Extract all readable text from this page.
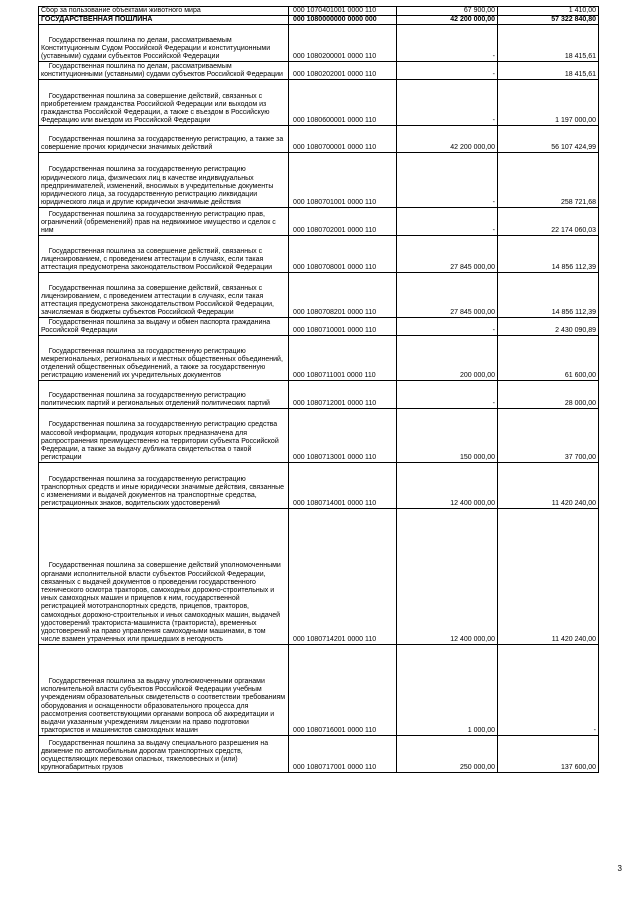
Сбор за пользование объектами животного мира	000 1070401001 0000 110	67 900,00	1 410,00
ГОСУДАРСТВЕННАЯ ПОШЛИНА	000 1080000000 0000 000	42 200 000,00	57 322 840,80
Государственная пошлина по делам, рассматриваемым Конституционным Судом Российской Федерации и конституционными (уставными) судами субъектов Российской Федерации	000 1080200001 0000 110	-	18 415,61
Государственная пошлина по делам, рассматриваемым конституционными (уставными) судами субъектов Российской Федерации	000 1080202001 0000 110	-	18 415,61
Государственная пошлина за совершение действий, связанных с приобретением гражданства Российской Федерации или выходом из гражданства Российской Федерации, а также с въездом в Российскую Федерацию или выездом из Российской Федерации	000 1080600001 0000 110	-	1 197 000,00
Государственная пошлина за государственную регистрацию, а также за совершение прочих юридически значимых действий	000 1080700001 0000 110	42 200 000,00	56 107 424,99
Государственная пошлина за государственную регистрацию юридического лица, физических лиц в качестве индивидуальных предпринимателей, изменений, вносимых в учредительные документы юридического лица, за государственную регистрацию ликвидации юридического лица и другие юридически значимые действия	000 1080701001 0000 110	-	258 721,68
Государственная пошлина за государственную регистрацию прав, ограничений (обременений) прав на недвижимое имущество и сделок с ним	000 1080702001 0000 110	-	22 174 060,03
Государственная пошлина за совершение действий, связанных с лицензированием, с проведением аттестации в случаях, если такая аттестация предусмотрена законодательством Российской Федерации	000 1080708001 0000 110	27 845 000,00	14 856 112,39
Государственная пошлина за совершение действий, связанных с лицензированием, с проведением аттестации в случаях, если такая аттестация предусмотрена законодательством Российской Федерации, зачисляемая в бюджеты субъектов Российской Федерации	000 1080708201 0000 110	27 845 000,00	14 856 112,39
Государственная пошлина за выдачу и обмен паспорта гражданина Российской Федерации	000 1080710001 0000 110	-	2 430 090,89
Государственная пошлина за государственную регистрацию межрегиональных, региональных и местных общественных объединений, отделений общественных объединений, а также за государственную регистрацию изменений их учредительных документов	000 1080711001 0000 110	200 000,00	61 600,00
Государственная пошлина за государственную регистрацию политических партий и региональных отделений политических партий	000 1080712001 0000 110	-	28 000,00

Государственная пошлина за государственную регистрацию средства массовой информации, продукция которых предназначена для распространения преимущественно на территории субъекта Российской Федерации, а также за выдачу дубликата свидетельства о такой регистрации	000 1080713001 0000 110	150 000,00	37 700,00
Государственная пошлина за государственную регистрацию транспортных средств и иные юридически значимые действия, связанные с изменениями и выдачей документов на транспортные средства, регистрационных знаков, водительских удостоверений	000 1080714001 0000 110	12 400 000,00	11 420 240,00

Государственная пошлина за совершение действий уполномоченными органами исполнительной власти субъектов Российской Федерации, связанных с выдачей документов о проведении государственного технического осмотра тракторов, самоходных дорожно-строительных и иных самоходных машин и прицепов к ним, государственной регистрацией мототранспортных средств, прицепов, тракторов, самоходных дорожно-строительных и иных самоходных машин, выдачей удостоверений тракториста-машиниста (тракториста), временных удостоверений на право управления самоходными машинами, в том числе взамен утраченных или пришедших в негодность	000 1080714201 0000 110	12 400 000,00	11 420 240,00

Государственная пошлина за выдачу уполномоченными органами исполнительной власти субъектов Российской Федерации учебным учреждениям образовательных свидетельств о соответствии требованиям оборудования и оснащенности образовательного процесса для рассмотрения соответствующими органами вопроса об аккредитации и выдачи указанным учреждениям лицензии на право подготовки трактористов и машинистов самоходных машин	000 1080716001 0000 110	1 000,00	-
Государственная пошлина за выдачу специального разрешения на движение по автомобильным дорогам транспортных средств, осуществляющих перевозки опасных, тяжеловесных и (или) крупногабаритных грузов	000 1080717001 0000 110	250 000,00	137 600,00
3
